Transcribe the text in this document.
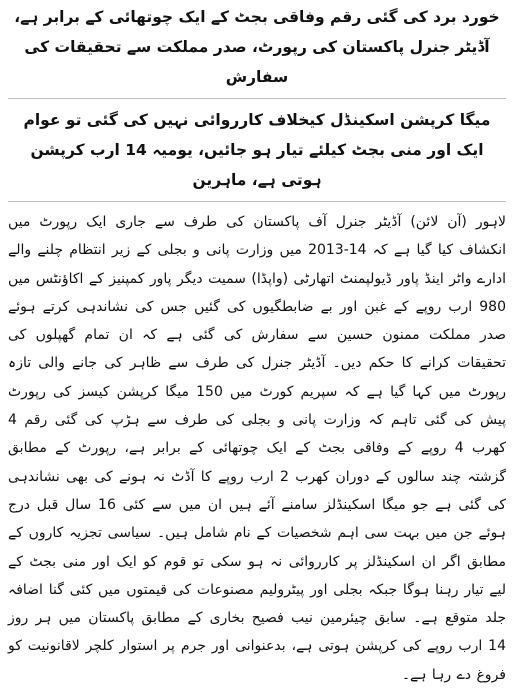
خورد برد کی گئی رقم وفاقی بجٹ کے ایک چوتھائی کے برابر ہے، آڈیٹر جنرل پاکستان کی رپورٹ، صدر مملکت سے تحقیقات کی سفارش
میگا کرپشن اسکینڈل کیخلاف کارروائی نہیں کی گئی تو عوام ایک اور منی بجٹ کیلئے تیار ہو جائیں، یومیہ 14 ارب کرپشن ہوتی ہے، ماہرین
لاہور (آن لائن) آڈیٹر جنرل آف پاکستان کی طرف سے جاری ایک رپورٹ میں انکشاف کیا گیا ہے کہ 14-2013 میں وزارت پانی و بجلی کے زیر انتظام چلنے والے ادارے واٹر اینڈ پاور ڈیولپمنٹ اتھارٹی (واپڈا) سمیت دیگر پاور کمپنیز کے اکاؤنٹس میں 980 ارب روپے کے غبن اور بے ضابطگیوں کی گئیں جس کی نشاندہی کرتے ہوئے صدر مملکت ممنون حسین سے سفارش کی گئی ہے کہ ان تمام گھپلوں کی تحقیقات کرانے کا حکم دیں۔ آڈیٹر جنرل کی طرف سے ظاہر کی جانے والی تازہ رپورٹ میں کہا گیا ہے کہ سپریم کورٹ میں 150 میگا کرپشن کیسز کی رپورٹ پیش کی گئی تاہم کہ وزارت پانی و بجلی کی طرف سے ہڑپ کی گئی رقم 4 کھرب 4 روپے کے وفاقی بجٹ کے ایک چوتھائی کے برابر ہے، رپورٹ کے مطابق گزشتہ چند سالوں کے دوران کھرب 2 ارب روپے کا آڈٹ نہ ہونے کی بھی نشاندہی کی گئی ہے جو میگا اسکینڈلز سامنے آئے ہیں ان میں سے کئی 16 سال قبل درج ہوئے جن میں بہت سی اہم شخصیات کے نام شامل ہیں۔ سیاسی تجزیہ کاروں کے مطابق اگر ان اسکینڈلز پر کارروائی نہ ہو سکی تو قوم کو ایک اور منی بجٹ کے لیے تیار رہنا ہوگا جبکہ بجلی اور پیٹرولیم مصنوعات کی قیمتوں میں کئی گنا اضافہ جلد متوقع ہے۔ سابق چیئرمین نیب فصیح بخاری کے مطابق پاکستان میں ہر روز 14 ارب روپے کی کرپشن ہوتی ہے، بدعنوانی اور جرم پر استوار کلچر لاقانونیت کو فروغ دے رہا ہے۔
